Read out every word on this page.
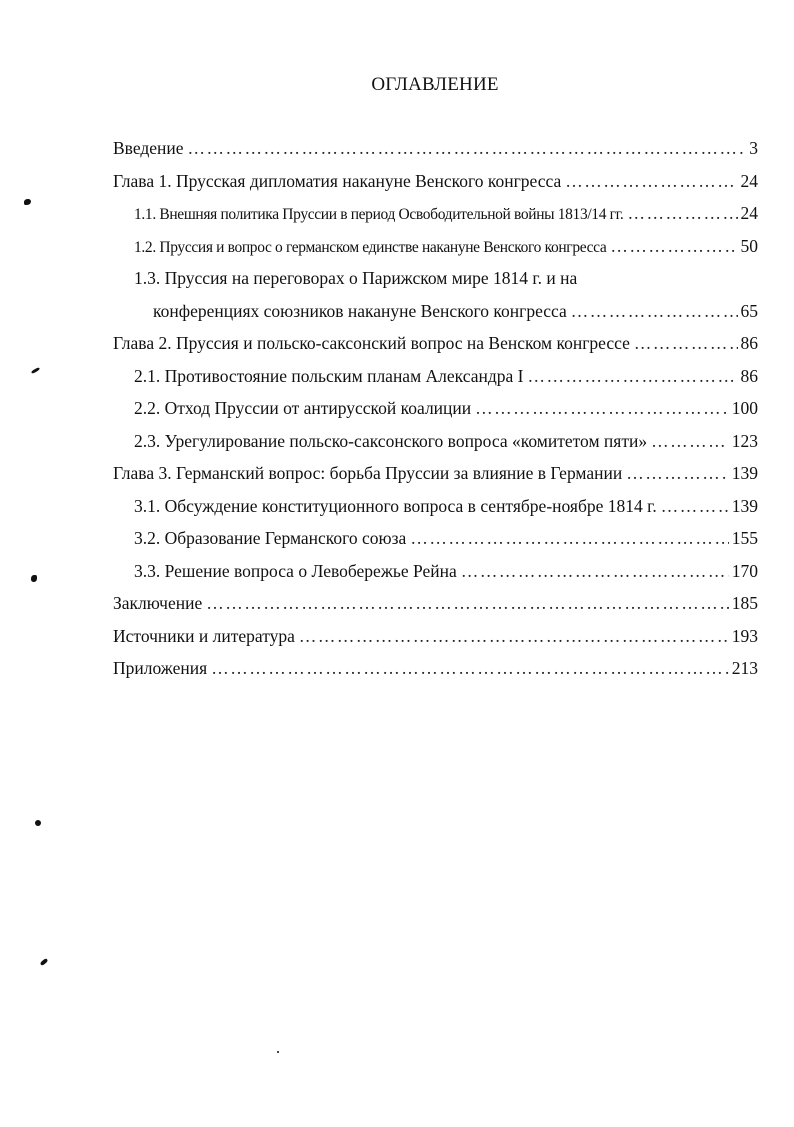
ОГЛАВЛЕНИЕ
Введение ……………………………………………………………………………………………………………………………………	3
Глава 1. Прусская дипломатия накануне Венского конгресса ……………………………………………………………………………………………………………………………………	24
1.1. Внешняя политика Пруссии в период Освободительной войны 1813/14 гг. ……………………………………………………………………………………………………………………………………	24
1.2. Пруссия и вопрос о германском единстве накануне Венского конгресса ……………………………………………………………………………………………………………………………………	50
1.3. Пруссия на переговорах о Парижском мире 1814 г. и на
конференциях союзников накануне Венского конгресса ……………………………………………………………………………………………………………………………………	65
Глава 2. Пруссия и польско-саксонский вопрос на Венском конгрессе ……………………………………………………………………………………………………………………………………	86
2.1. Противостояние польским планам Александра I ……………………………………………………………………………………………………………………………………	86
2.2. Отход Пруссии от антирусской коалиции ……………………………………………………………………………………………………………………………………	100
2.3. Урегулирование польско-саксонского вопроса «комитетом пяти» ……………………………………………………………………………………………………………………………………	123
Глава 3. Германский вопрос: борьба Пруссии за влияние в Германии ……………………………………………………………………………………………………………………………………	139
3.1. Обсуждение конституционного вопроса в сентябре-ноябре 1814 г. ……………………………………………………………………………………………………………………………………	139
3.2. Образование Германского союза ……………………………………………………………………………………………………………………………………	155
3.3. Решение вопроса о Левобережье Рейна ……………………………………………………………………………………………………………………………………	170
Заключение ……………………………………………………………………………………………………………………………………	185
Источники и литература ……………………………………………………………………………………………………………………………………	193
Приложения ……………………………………………………………………………………………………………………………………	213
